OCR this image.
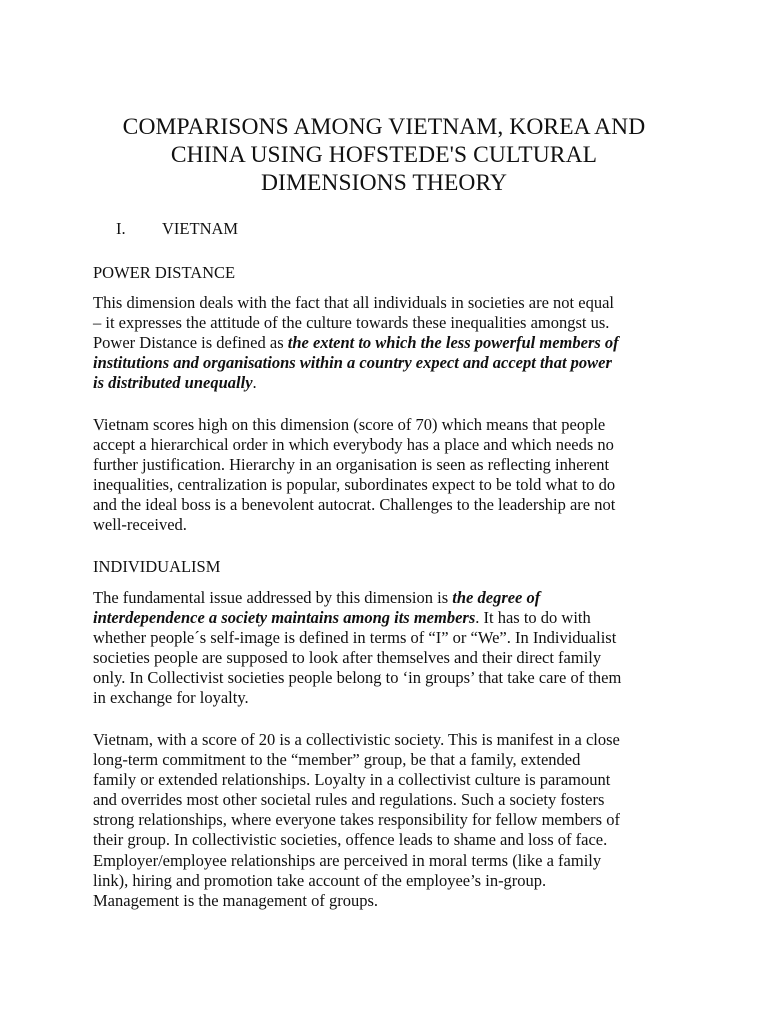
COMPARISONS AMONG VIETNAM, KOREA AND
CHINA USING HOFSTEDE'S CULTURAL
DIMENSIONS THEORY
I. VIETNAM
POWER DISTANCE
This dimension deals with the fact that all individuals in societies are not equal
– it expresses the attitude of the culture towards these inequalities amongst us.
Power Distance is defined as the extent to which the less powerful members of
institutions and organisations within a country expect and accept that power
is distributed unequally.
Vietnam scores high on this dimension (score of 70) which means that people
accept a hierarchical order in which everybody has a place and which needs no
further justification. Hierarchy in an organisation is seen as reflecting inherent
inequalities, centralization is popular, subordinates expect to be told what to do
and the ideal boss is a benevolent autocrat. Challenges to the leadership are not
well-received.
INDIVIDUALISM
The fundamental issue addressed by this dimension is the degree of
interdependence a society maintains among its members. It has to do with
whether people´s self-image is defined in terms of “I” or “We”. In Individualist
societies people are supposed to look after themselves and their direct family
only. In Collectivist societies people belong to ‘in groups’ that take care of them
in exchange for loyalty.
Vietnam, with a score of 20 is a collectivistic society. This is manifest in a close
long-term commitment to the “member” group, be that a family, extended
family or extended relationships. Loyalty in a collectivist culture is paramount
and overrides most other societal rules and regulations. Such a society fosters
strong relationships, where everyone takes responsibility for fellow members of
their group. In collectivistic societies, offence leads to shame and loss of face.
Employer/employee relationships are perceived in moral terms (like a family
link), hiring and promotion take account of the employee’s in-group.
Management is the management of groups.
